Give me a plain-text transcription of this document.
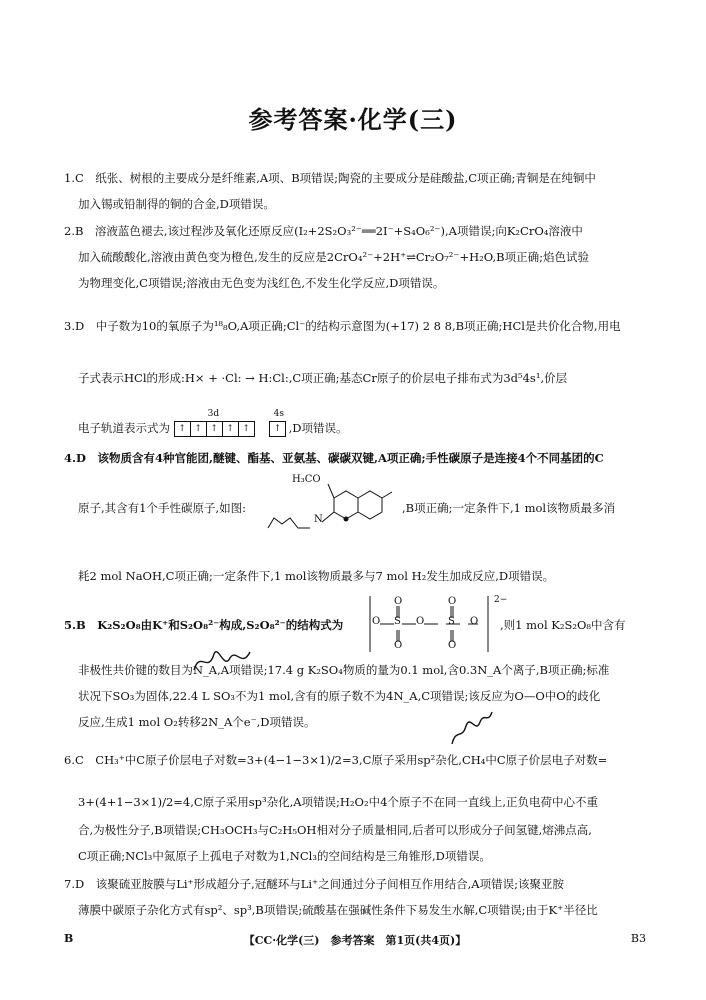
参考答案·化学(三)
1.C　纸张、树根的主要成分是纤维素,A项、B项错误;陶瓷的主要成分是硅酸盐,C项正确;青铜是在纯铜中
加入锡或铅制得的铜的合金,D项错误。
2.B　溶液蓝色褪去,该过程涉及氧化还原反应(I₂+2S₂O₃²⁻══2I⁻+S₄O₆²⁻),A项错误;向K₂CrO₄溶液中
加入硫酸酸化,溶液由黄色变为橙色,发生的反应是2CrO₄²⁻+2H⁺⇌Cr₂O₇²⁻+H₂O,B项正确;焰色试验
为物理变化,C项错误;溶液由无色变为浅红色,不发生化学反应,D项错误。
3.D　中子数为10的氧原子为¹⁸₈O,A项正确;Cl⁻的结构示意图为(+17) 2 8 8,B项正确;HCl是共价化合物,用电
子式表示HCl的形成:H× + ·Cl: → H:Cl:,C项正确;基态Cr原子的价层电子排布式为3d⁵4s¹,价层
电子轨道表示式为
3d	4s
↑ ↑ ↑ ↑ ↑	↑ ,D项错误。
4.D　该物质含有4种官能团,醚键、酯基、亚氨基、碳碳双键,A项正确;手性碳原子是连接4个不同基团的C
原子,其含有1个手性碳原子,如图:	,B项正确;一定条件下,1 mol该物质最多消
H₃CO
N
耗2 mol NaOH,C项正确;一定条件下,1 mol该物质最多与7 mol H₂发生加成反应,D项错误。
5.B　K₂S₂O₈由K⁺和S₂O₈²⁻构成,S₂O₈²⁻的结构式为	O S
O
O
O S
O
O
O
2−
,则1 mol K₂S₂O₈中含有
非极性共价键的数目为N_A,A项错误;17.4 g K₂SO₄物质的量为0.1 mol,含0.3N_A个离子,B项正确;标准
状况下SO₃为固体,22.4 L SO₃不为1 mol,含有的原子数不为4N_A,C项错误;该反应为O—O中O的歧化
反应,生成1 mol O₂转移2N_A个e⁻,D项错误。
6.C　CH₃⁺中C原子价层电子对数=3+(4−1−3×1)/2=3,C原子采用sp²杂化,CH₄中C原子价层电子对数=
3+(4+1−3×1)/2=4,C原子采用sp³杂化,A项错误;H₂O₂中4个原子不在同一直线上,正负电荷中心不重
合,为极性分子,B项错误;CH₃OCH₃与C₂H₅OH相对分子质量相同,后者可以形成分子间氢键,熔沸点高,
C项正确;NCl₃中氮原子上孤电子对数为1,NCl₃的空间结构是三角锥形,D项错误。
7.D　该聚硫亚胺膜与Li⁺形成超分子,冠醚环与Li⁺之间通过分子间相互作用结合,A项错误;该聚亚胺
薄膜中碳原子杂化方式有sp²、sp³,B项错误;硫酸基在强碱性条件下易发生水解,C项错误;由于K⁺半径比
B	【CC·化学(三)　参考答案　第1页(共4页)】	B3
